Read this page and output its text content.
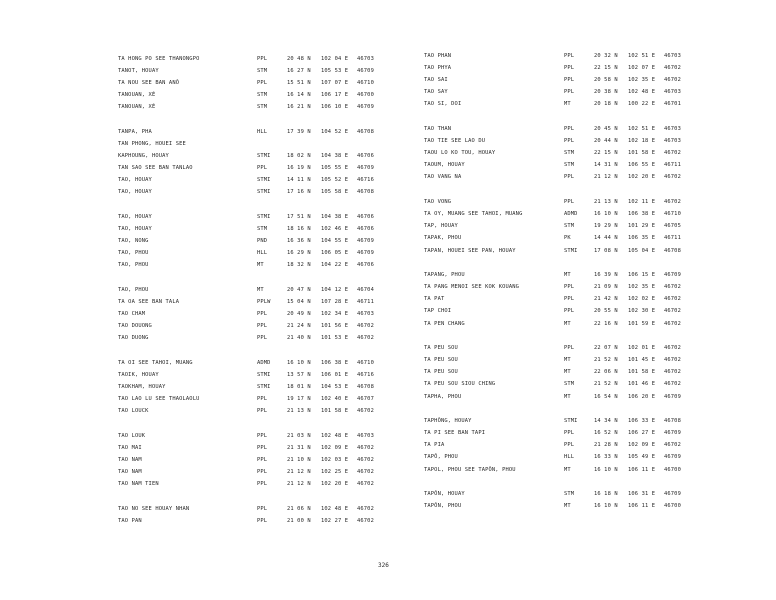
TA HONG PO SEE THANONGPO	PPL	20 48 N 102 04 E 46703
TANOT, HOUAY	STM	16 27 N 105 53 E 46709
TA NOU SEE BAN ANÔ	PPL	15 51 N 107 07 E 46710
TANOUAN, XÉ	STM	16 14 N 106 17 E 46700
TANOUAN, XÉ	STM	16 21 N 106 10 E 46709
TANPA, PHA	HLL	17 39 N 104 52 E 46708
TAN PHONG, HOUEI SEE
KAPHOUNG, HOUAY	STMI	18 02 N 104 38 E 46706
TAN SAO SEE BAN TANLAO	PPL	16 19 N 105 55 E 46709
TAO, HOUAY	STMI	14 11 N 105 52 E 46716
TAO, HOUAY	STMI	17 16 N 105 58 E 46708
TAO, HOUAY	STMI	17 51 N 104 38 E 46706
TAO, HOUAY	STM	18 16 N 102 46 E 46706
TAO, NONG	PND	16 36 N 104 55 E 46709
TAO, PHOU	HLL	16 29 N 106 05 E 46709
TAO, PHOU	MT	18 32 N 104 22 E 46706
TAO, PHOU	MT	20 47 N 104 12 E 46704
TA OA SEE BAN TALA	PPLW	15 04 N 107 28 E 46711
TAO CHAM	PPL	20 49 N 102 34 E 46703
TAO DOUONG	PPL	21 24 N 101 56 E 46702
TAO DUONG	PPL	21 40 N 101 53 E 46702
TA OI SEE TAHOI, MUANG	ADMD	16 10 N 106 38 E 46710
TAOIK, HOUAY	STMI	13 57 N 106 01 E 46716
TAOKHAM, HOUAY	STMI	18 01 N 104 53 E 46708
TAO LAO LU SEE THAOLAOLU	PPL	19 17 N 102 40 E 46707
TAO LOUCK	PPL	21 13 N 101 58 E 46702
TAO LOUK	PPL	21 03 N 102 48 E 46703
TAO MAI	PPL	21 31 N 102 09 E 46702
TAO NAM	PPL	21 10 N 102 03 E 46702
TAO NAM	PPL	21 12 N 102 25 E 46702
TAO NAM TIEN	PPL	21 12 N 102 20 E 46702
TAO NO SEE HOUAY NHAN	PPL	21 06 N 102 48 E 46702
TAO PAN	PPL	21 00 N 102 27 E 46702
TAO PHAN	PPL	20 32 N 102 51 E 46703
TAO PHYA	PPL	22 15 N 102 07 E 46702
TAO SAI	PPL	20 58 N 102 35 E 46702
TAO SAY	PPL	20 38 N 102 48 E 46703
TAO SI, DOI	MT	20 18 N 100 22 E 46701
TAO THAN	PPL	20 45 N 102 51 E 46703
TAO TIE SEE LAO DU	PPL	20 44 N 102 18 E 46703
TAOU LO KO TOU, HOUAY	STM	22 15 N 101 58 E 46702
TAOUM, HOUAY	STM	14 31 N 106 55 E 46711
TAO VANG NA	PPL	21 12 N 102 20 E 46702
TAO VONG	PPL	21 13 N 102 11 E 46702
TA OY, MUANG SEE TAHOI, MUANG	ADMD	16 10 N 106 38 E 46710
TAP, HOUAY	STM	19 29 N 101 29 E 46705
TAPAK, PHOU	PK	14 44 N 106 35 E 46711
TAPAN, HOUEI SEE PAN, HOUAY	STMI	17 08 N 105 04 E 46708
TAPANG, PHOU	MT	16 39 N 106 15 E 46709
TA PANG MENOI SEE KOK KOUANG	PPL	21 09 N 102 35 E 46702
TA PAT	PPL	21 42 N 102 02 E 46702
TAP CHOI	PPL	20 55 N 102 30 E 46702
TA PEN CHANG	MT	22 16 N 101 59 E 46702
TA PEU SOU	PPL	22 07 N 102 01 E 46702
TA PEU SOU	MT	21 52 N 101 45 E 46702
TA PEU SOU	MT	22 06 N 101 58 E 46702
TA PEU SOU SIOU CHING	STM	21 52 N 101 46 E 46702
TAPHA, PHOU	MT	16 54 N 106 20 E 46709
TAPHÔNG, HOUAY	STMI	14 34 N 106 33 E 46708
TA PI SEE BAN TAPI	PPL	16 52 N 106 27 E 46709
TA PIA	PPL	21 28 N 102 09 E 46702
TAPÔ, PHOU	HLL	16 33 N 105 49 E 46709
TAPOL, PHOU SEE TAPÔN, PHOU	MT	16 10 N 106 11 E 46700
TAPÔN, HOUAY	STM	16 18 N 106 31 E 46709
TAPÔN, PHOU	MT	16 10 N 106 11 E 46700
326
